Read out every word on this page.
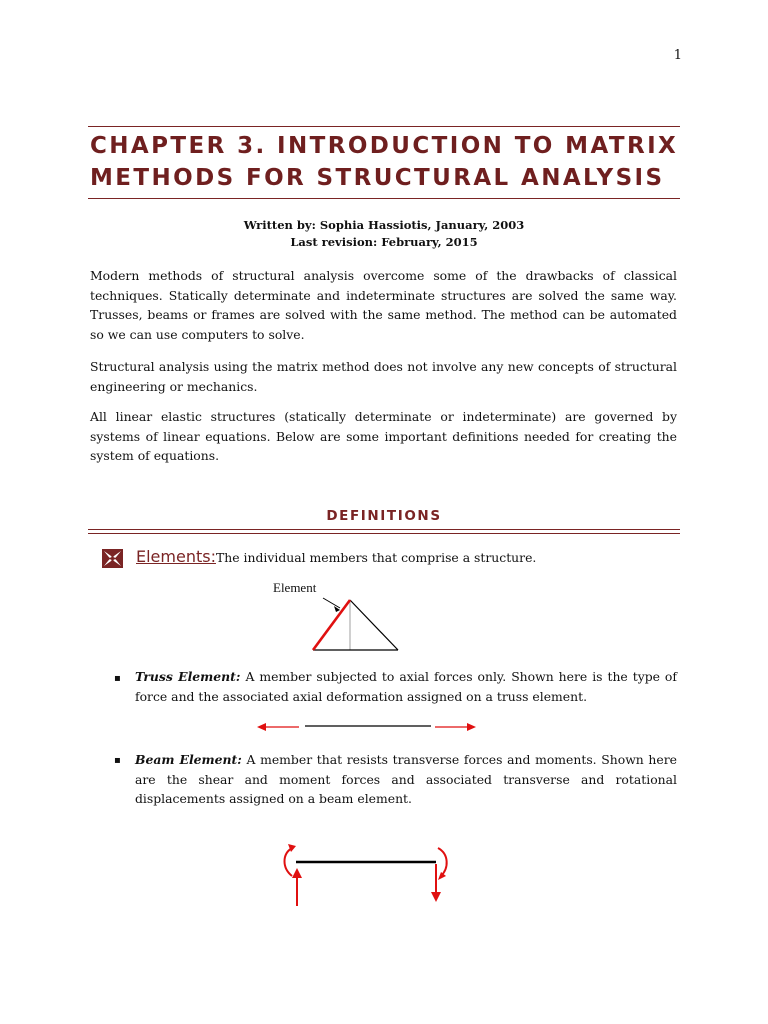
1
CHAPTER 3. INTRODUCTION TO MATRIX
METHODS FOR STRUCTURAL ANALYSIS
Written by: Sophia Hassiotis, January, 2003
Last revision: February, 2015
Modern methods of structural analysis overcome some of the drawbacks of classical techniques. Statically determinate and indeterminate structures are solved the same way. Trusses, beams or frames are solved with the same method. The method can be automated so we can use computers to solve.
Structural analysis using the matrix method does not involve any new concepts of structural engineering or mechanics.
All linear elastic structures (statically determinate or indeterminate) are governed by systems of linear equations. Below are some important definitions needed for creating the system of equations.
DEFINITIONS
Elements: The individual members that comprise a structure.
Element
▪ Truss Element: A member subjected to axial forces only. Shown here is the type of force and the associated axial deformation assigned on a truss element.
▪ Beam Element: A member that resists transverse forces and moments. Shown here are the shear and moment forces and associated transverse and rotational displacements assigned on a beam element.
